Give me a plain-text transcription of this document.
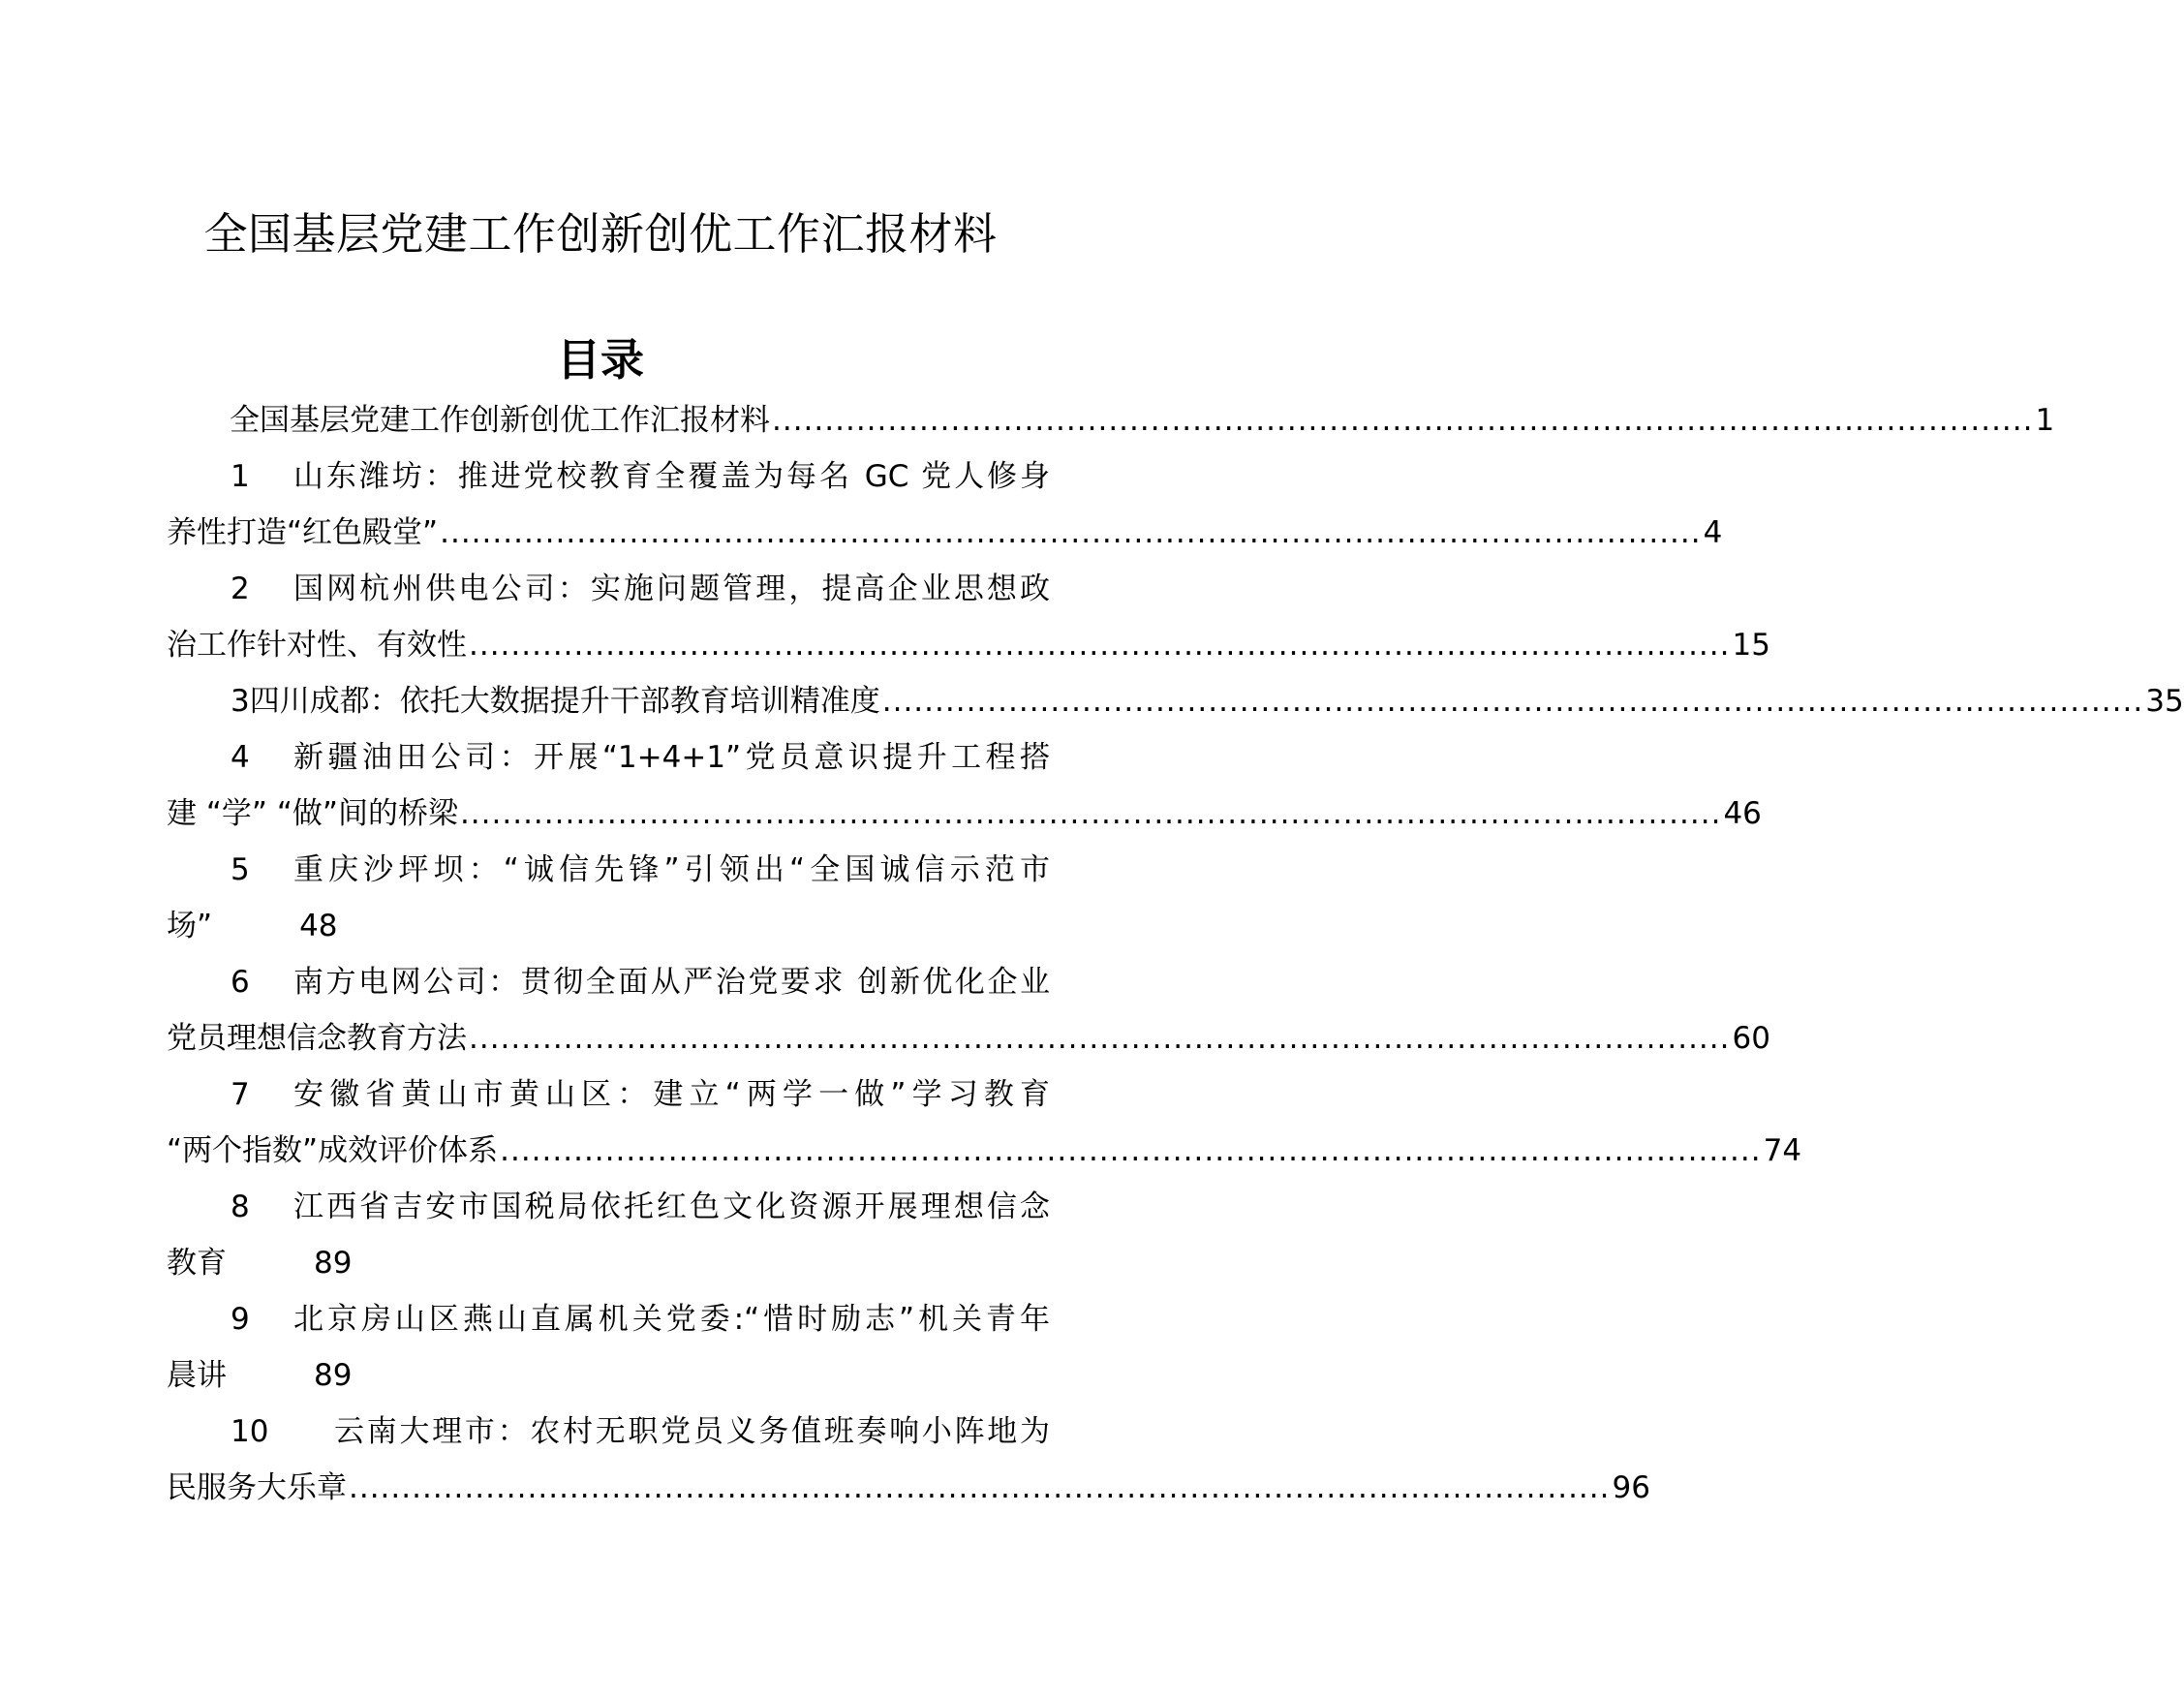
全国基层党建工作创新创优工作汇报材料
目录
全国基层党建工作创新创优工作汇报材料 ........................................................................................................................ 1
1	山东潍坊：推进党校教育全覆盖为每名 GC 党人修身
养性打造“红色殿堂” ........................................................................................................................ 4
2	国网杭州供电公司：实施问题管理，提高企业思想政
治工作针对性、有效性 ........................................................................................................................ 15
3 四川成都：依托大数据提升干部教育培训精准度 ........................................................................................................................ 35
4	新疆油田公司：开展“1+4+1”党员意识提升工程搭
建 “学” “做”间的桥梁 ........................................................................................................................ 46
5	重庆沙坪坝：“诚信先锋”引领出“全国诚信示范市
场”	48
6	南方电网公司：贯彻全面从严治党要求 创新优化企业
党员理想信念教育方法 ........................................................................................................................ 60
7	安徽省黄山市黄山区：建立“两学一做”学习教育
“两个指数”成效评价体系 ........................................................................................................................ 74
8	江西省吉安市国税局依托红色文化资源开展理想信念
教育	89
9	北京房山区燕山直属机关党委:“惜时励志”机关青年
晨讲	89
10	云南大理市：农村无职党员义务值班奏响小阵地为
民服务大乐章 ........................................................................................................................ 96
